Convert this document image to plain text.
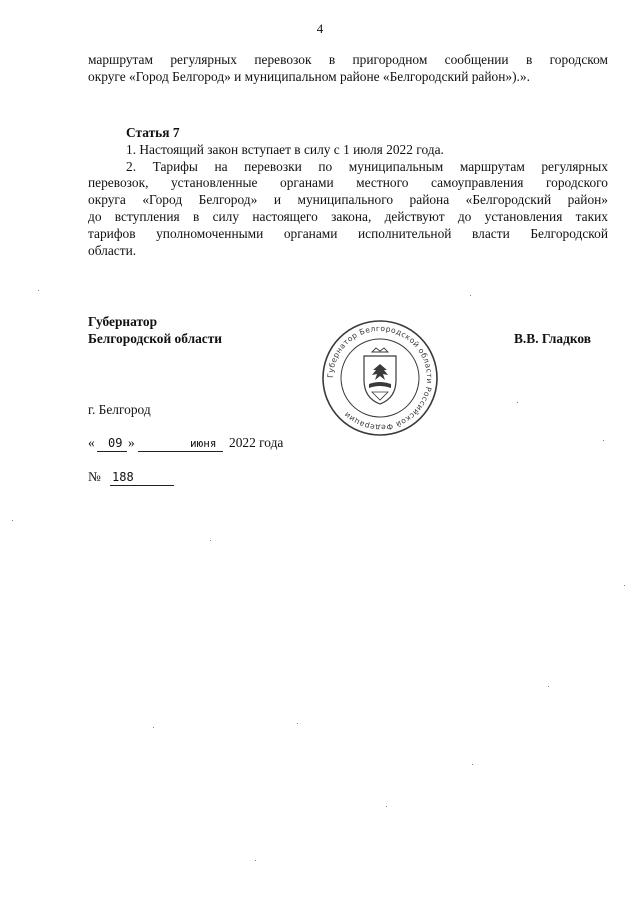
4
маршрутам регулярных перевозок в пригородном сообщении в городском
округе «Город Белгород» и муниципальном районе «Белгородский район»).».
Статья 7
1. Настоящий закон вступает в силу с 1 июля 2022 года.
2. Тарифы на перевозки по муниципальным маршрутам регулярных
перевозок, установленные органами местного самоуправления городского
округа «Город Белгород» и муниципального района «Белгородский район»
до вступления в силу настоящего закона, действуют до установления таких
тарифов уполномоченными органами исполнительной власти Белгородской
области.
Губернатор
Белгородской области	В.В. Гладков
Губернатор Белгородской области Российской Федерации
г. Белгород
« 09 »	июня 2022 года
№ 188
